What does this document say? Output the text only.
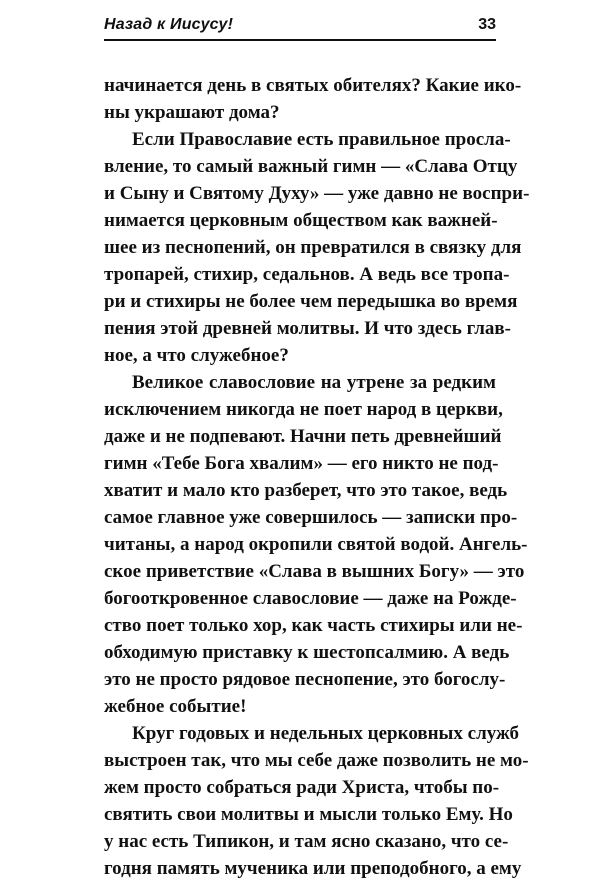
Назад к Иисусу!	33
начинается день в святых обителях? Какие ико-
ны украшают дома?
Если Православие есть правильное просла-
вление, то самый важный гимн — «Слава Отцу
и Сыну и Святому Духу» — уже давно не воспри-
нимается церковным обществом как важней-
шее из песнопений, он превратился в связку для
тропарей, стихир, седальнов. А ведь все тропа-
ри и стихиры не более чем передышка во время
пения этой древней молитвы. И что здесь глав-
ное, а что служебное?
Великое славословие на утрене за редким
исключением никогда не поет народ в церкви,
даже и не подпевают. Начни петь древнейший
гимн «Тебе Бога хвалим» — его никто не под-
хватит и мало кто разберет, что это такое, ведь
самое главное уже совершилось — записки про-
читаны, а народ окропили святой водой. Ангель-
ское приветствие «Слава в вышних Богу» — это
богооткровенное славословие — даже на Рожде-
ство поет только хор, как часть стихиры или не-
обходимую приставку к шестопсалмию. А ведь
это не просто рядовое песнопение, это богослу-
жебное событие!
Круг годовых и недельных церковных служб
выстроен так, что мы себе даже позволить не мо-
жем просто собраться ради Христа, чтобы по-
святить свои молитвы и мысли только Ему. Но
у нас есть Типикон, и там ясно сказано, что се-
годня память мученика или преподобного, а ему
